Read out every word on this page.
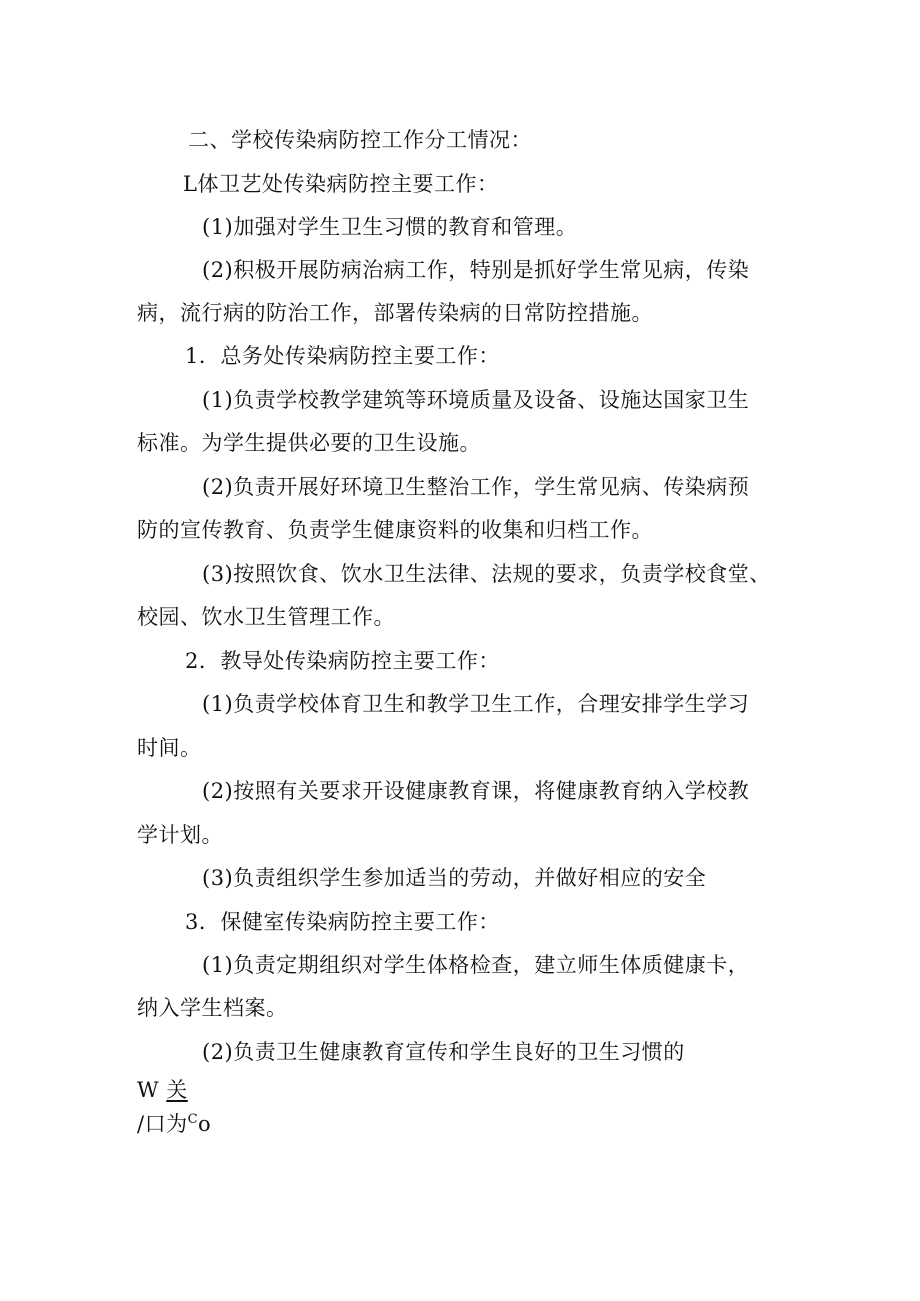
二、学校传染病防控工作分工情况：

L体卫艺处传染病防控主要工作：

(1)加强对学生卫生习惯的教育和管理。

(2)积极开展防病治病工作，特别是抓好学生常见病，传染

病，流行病的防治工作，部署传染病的日常防控措施。

1．总务处传染病防控主要工作：

(1)负责学校教学建筑等环境质量及设备、设施达国家卫生

标准。为学生提供必要的卫生设施。

(2)负责开展好环境卫生整治工作，学生常见病、传染病预

防的宣传教育、负责学生健康资料的收集和归档工作。

(3)按照饮食、饮水卫生法律、法规的要求，负责学校食堂、

校园、饮水卫生管理工作。

2．教导处传染病防控主要工作：

(1)负责学校体育卫生和教学卫生工作，合理安排学生学习

时间。

(2)按照有关要求开设健康教育课，将健康教育纳入学校教

学计划。

(3)负责组织学生参加适当的劳动，并做好相应的安全

3．保健室传染病防控主要工作：

(1)负责定期组织对学生体格检查，建立师生体质健康卡，

纳入学生档案。

(2)负责卫生健康教育宣传和学生良好的卫生习惯的

W 关

/口为$^C$o
